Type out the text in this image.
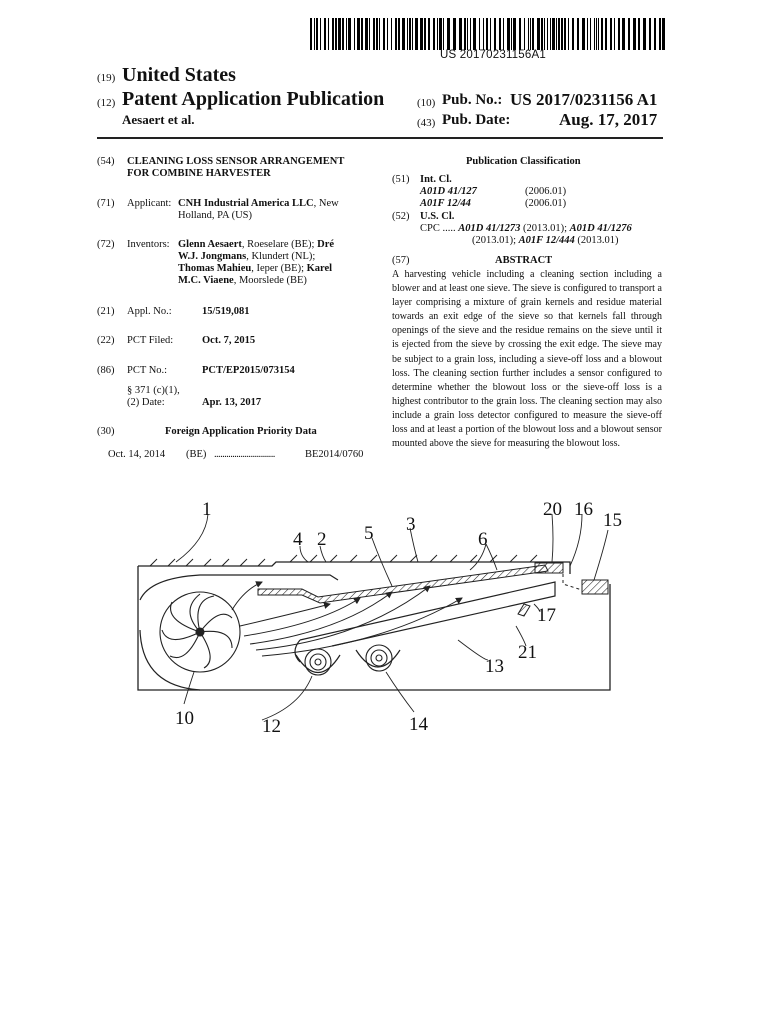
US 20170231156A1
(19) United States
(12) Patent Application Publication
Aesaert et al.
(10) Pub. No.: US 2017/0231156 A1
(43) Pub. Date:	Aug. 17, 2017
(54) CLEANING LOSS SENSOR ARRANGEMENT
FOR COMBINE HARVESTER
(71) Applicant: CNH Industrial America LLC, New
Holland, PA (US)
(72) Inventors: Glenn Aesaert, Roeselare (BE); Dré
W.J. Jongmans, Klundert (NL);
Thomas Mahieu, Ieper (BE); Karel
M.C. Viaene, Moorslede (BE)
(21) Appl. No.:	15/519,081
(22) PCT Filed:	Oct. 7, 2015
(86) PCT No.:	PCT/EP2015/073154
§ 371 (c)(1),
(2) Date:	Apr. 13, 2017
(30)	Foreign Application Priority Data
Oct. 14, 2014 (BE) ..............................	BE2014/0760
Publication Classification
(51) Int. Cl.
A01D 41/127	(2006.01)
A01F 12/44	(2006.01)
(52) U.S. Cl.
CPC ..... A01D 41/1273 (2013.01); A01D 41/1276
(2013.01); A01F 12/444 (2013.01)
(57)	ABSTRACT
A harvesting vehicle including a cleaning section including a blower and at least one sieve. The sieve is configured to transport a layer comprising a mixture of grain kernels and residue material towards an exit edge of the sieve so that kernels fall through openings of the sieve and the residue remains on the sieve until it is ejected from the sieve by crossing the exit edge. The sieve may be subject to a grain loss, including a sieve-off loss and a blowout loss. The cleaning section further includes a sensor configured to determine whether the blowout loss or the sieve-off loss is a highest contributor to the grain loss. The cleaning section may also include a grain loss detector configured to measure the sieve-off loss and at least a portion of the blowout loss and a blowout sensor mounted above the sieve for measuring the blowout loss.
1
4 2
3
5	6
20 16
15
17
21
13
10	12	14
